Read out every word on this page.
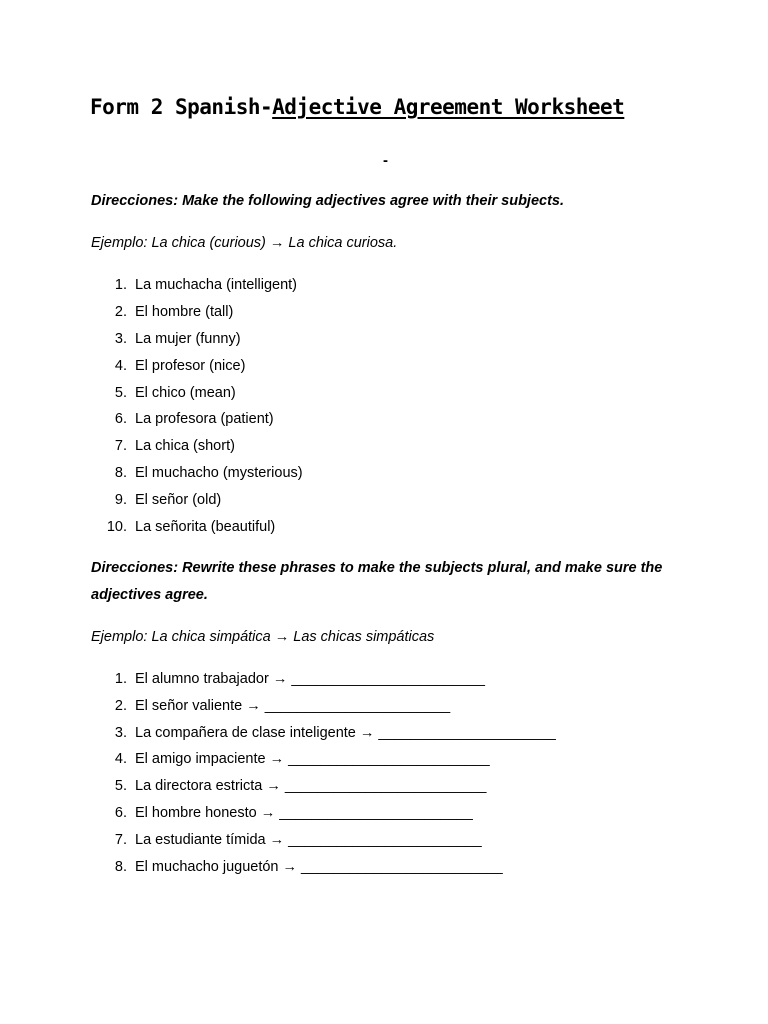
Form 2 Spanish-Adjective Agreement Worksheet
-
Direcciones: Make the following adjectives agree with their subjects.
Ejemplo: La chica (curious) → La chica curiosa.
1. La muchacha (intelligent)
2. El hombre (tall)
3. La mujer (funny)
4. El profesor (nice)
5. El chico (mean)
6. La profesora (patient)
7. La chica (short)
8. El muchacho (mysterious)
9. El señor (old)
10. La señorita (beautiful)
Direcciones: Rewrite these phrases to make the subjects plural, and make sure the adjectives agree.
Ejemplo: La chica simpática → Las chicas simpáticas
1. El alumno trabajador → ________________________
2. El señor valiente → _______________________
3. La compañera de clase inteligente → ______________________
4. El amigo impaciente → _________________________
5. La directora estricta → _________________________
6. El hombre honesto → ________________________
7. La estudiante tímida → ________________________
8. El muchacho juguetón → _________________________
